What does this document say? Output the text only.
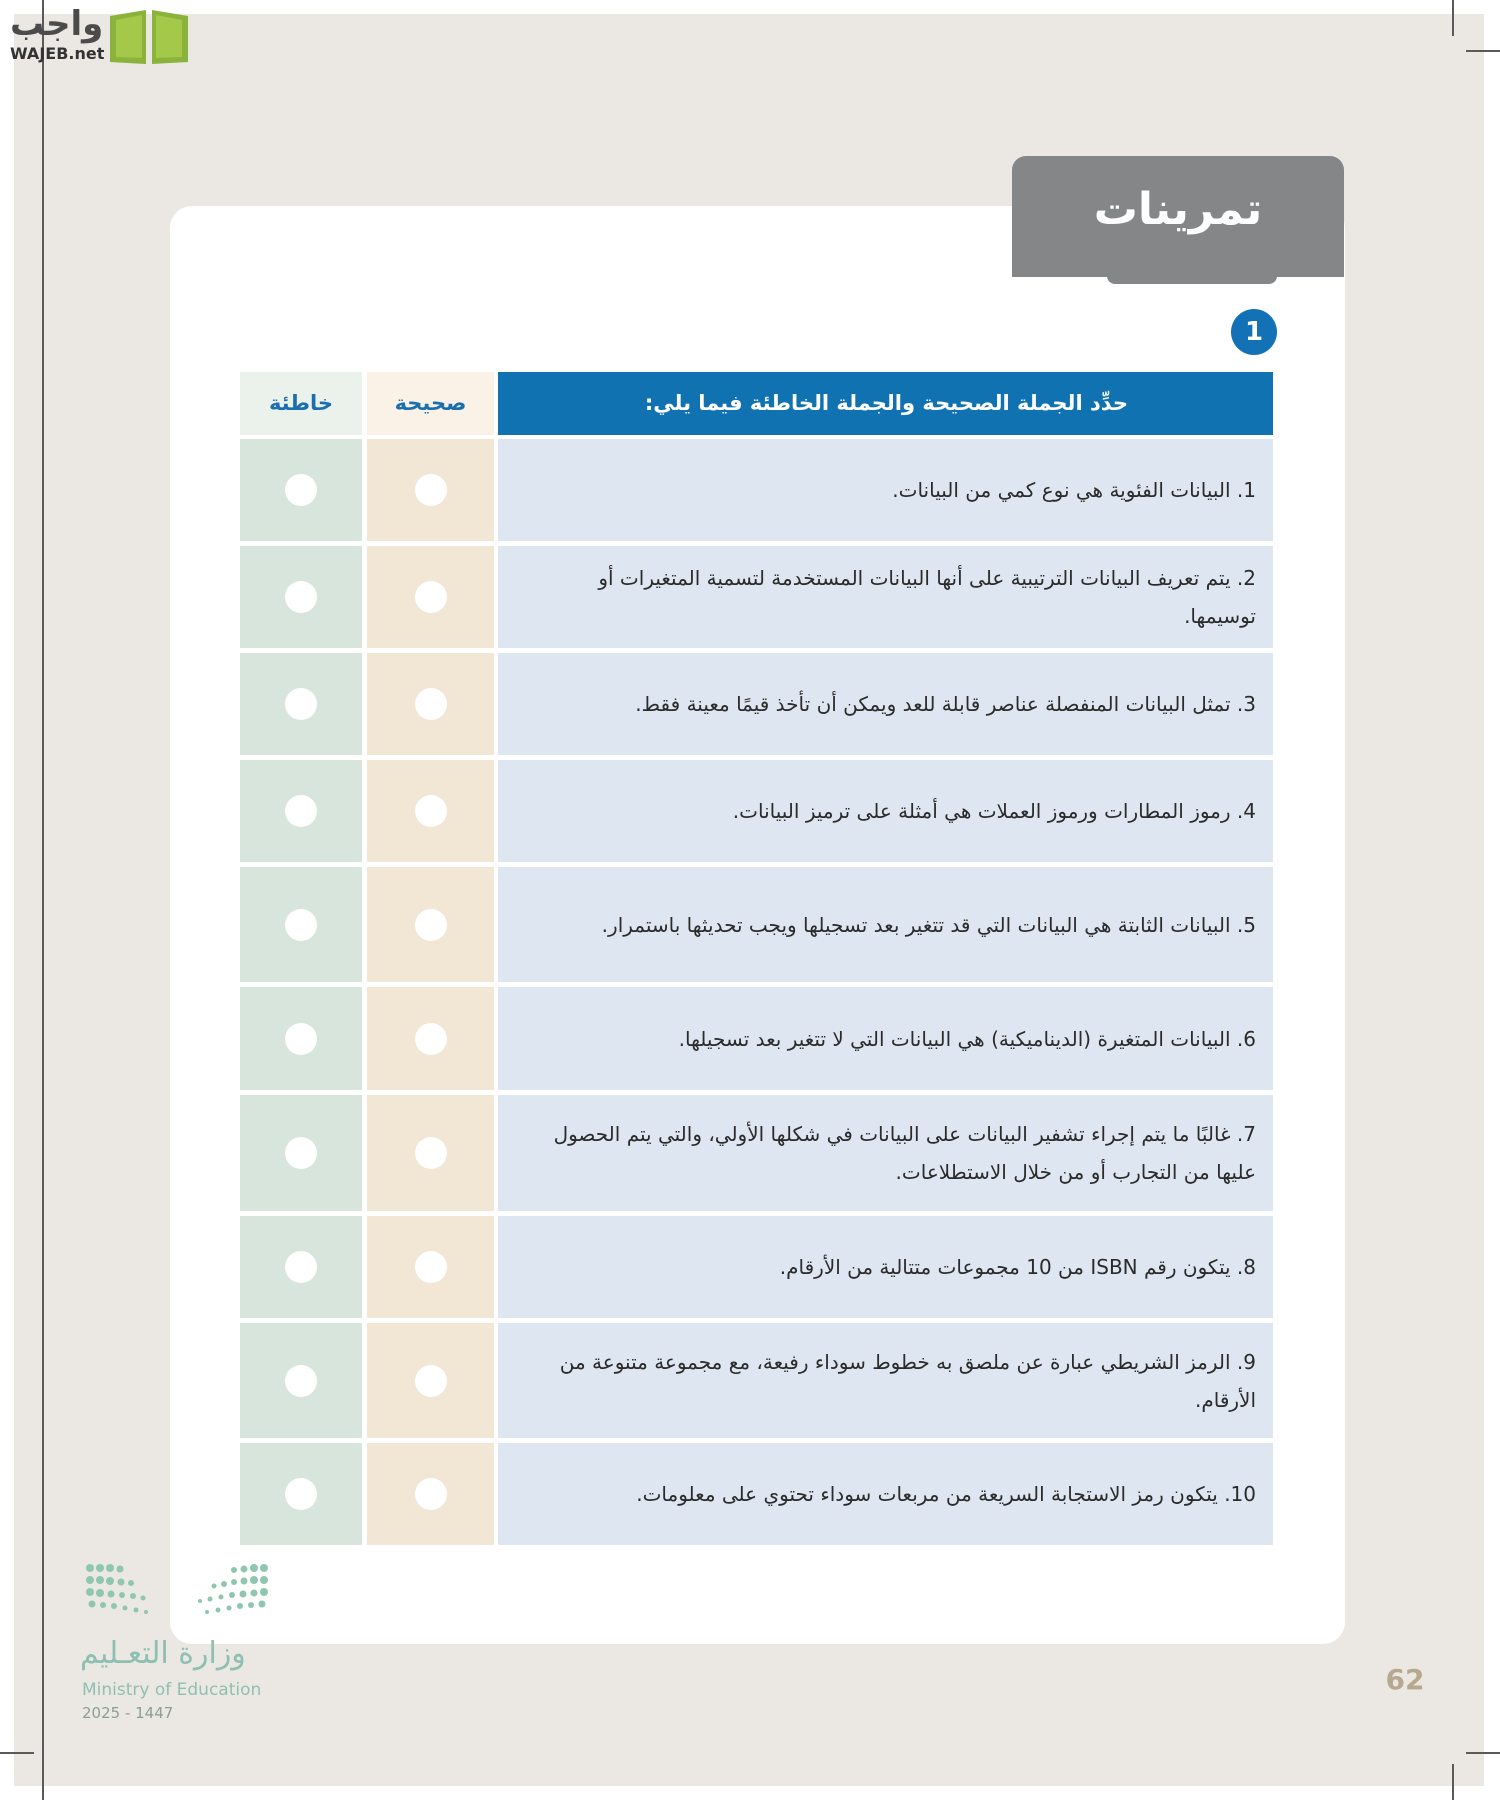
واجب
WAJEB.net
تمرينات
1
حدِّد الجملة الصحيحة والجملة الخاطئة فيما يلي:
صحيحة
خاطئة
1. البيانات الفئوية هي نوع كمي من البيانات.
2. يتم تعريف البيانات الترتيبية على أنها البيانات المستخدمة لتسمية المتغيرات أو توسيمها.
3. تمثل البيانات المنفصلة عناصر قابلة للعد ويمكن أن تأخذ قيمًا معينة فقط.
4. رموز المطارات ورموز العملات هي أمثلة على ترميز البيانات.
5. البيانات الثابتة هي البيانات التي قد تتغير بعد تسجيلها ويجب تحديثها باستمرار.
6. البيانات المتغيرة (الديناميكية) هي البيانات التي لا تتغير بعد تسجيلها.
7. غالبًا ما يتم إجراء تشفير البيانات على البيانات في شكلها الأولي، والتي يتم الحصول عليها من التجارب أو من خلال الاستطلاعات.
8. يتكون رقم ISBN من 10 مجموعات متتالية من الأرقام.
9. الرمز الشريطي عبارة عن ملصق به خطوط سوداء رفيعة، مع مجموعة متنوعة من الأرقام.
10. يتكون رمز الاستجابة السريعة من مربعات سوداء تحتوي على معلومات.
وزارة التعـليم
Ministry of Education
2025 - 1447
62
